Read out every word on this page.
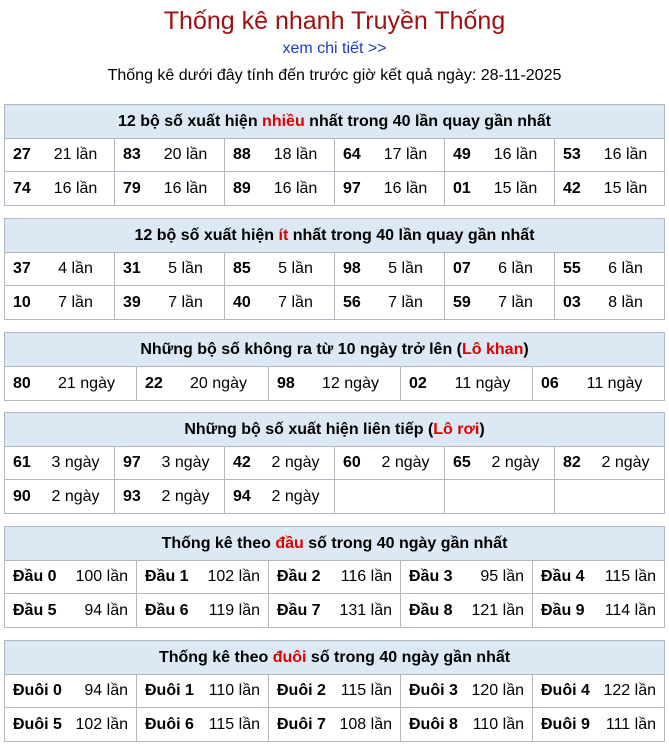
Thống kê nhanh Truyền Thống
xem chi tiết >>
Thống kê dưới đây tính đến trước giờ kết quả ngày: 28-11-2025
12 bộ số xuất hiện nhiều nhất trong 40 lần quay gần nhất
27	21 lần	83	20 lần	88	18 lần	64	17 lần	49	16 lần	53	16 lần
74	16 lần	79	16 lần	89	16 lần	97	16 lần	01	15 lần	42	15 lần
12 bộ số xuất hiện ít nhất trong 40 lần quay gần nhất
37	4 lần	31	5 lần	85	5 lần	98	5 lần	07	6 lần	55	6 lần
10	7 lần	39	7 lần	40	7 lần	56	7 lần	59	7 lần	03	8 lần
Những bộ số không ra từ 10 ngày trở lên (Lô khan)
80	21 ngày	22	20 ngày	98	12 ngày	02	11 ngày	06	11 ngày
Những bộ số xuất hiện liên tiếp (Lô rơi)
61	3 ngày	97	3 ngày	42	2 ngày	60	2 ngày	65	2 ngày	82	2 ngày
90	2 ngày	93	2 ngày	94	2 ngày
Thống kê theo đầu số trong 40 ngày gần nhất
Đầu 0	100 lần	Đầu 1	102 lần	Đầu 2	116 lần	Đầu 3	95 lần	Đầu 4	115 lần
Đầu 5	94 lần	Đầu 6	119 lần	Đầu 7	131 lần	Đầu 8	121 lần	Đầu 9	114 lần
Thống kê theo đuôi số trong 40 ngày gần nhất
Đuôi 0	94 lần	Đuôi 1 110 lần	Đuôi 2 115 lần	Đuôi 3 120 lần	Đuôi 4 122 lần
Đuôi 5 102 lần	Đuôi 6 115 lần	Đuôi 7 108 lần	Đuôi 8 110 lần	Đuôi 9 111 lần
